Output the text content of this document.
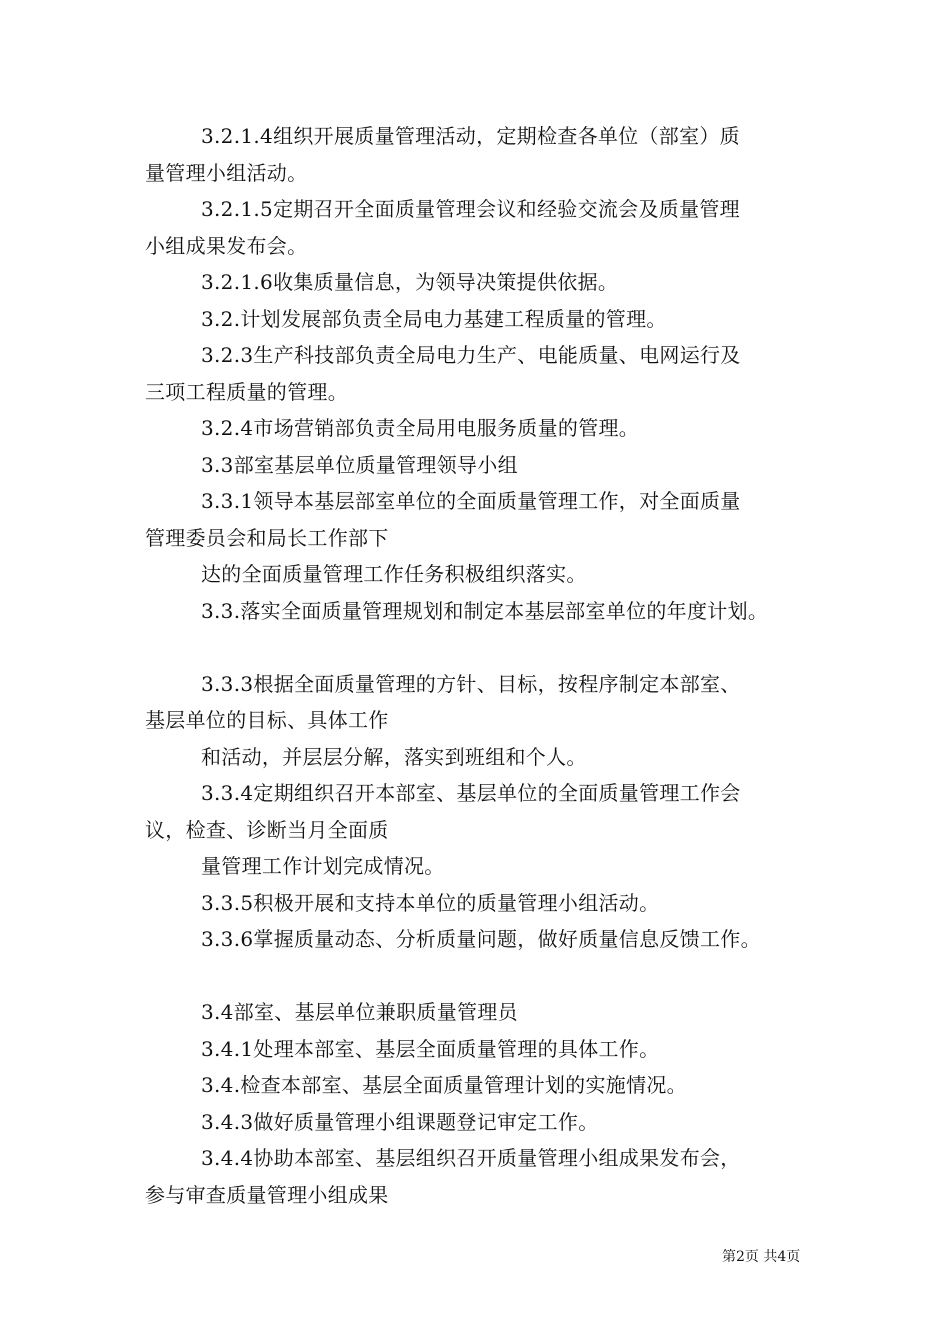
3.2.1.4组织开展质量管理活动，定期检查各单位（部室）质
量管理小组活动。
3.2.1.5定期召开全面质量管理会议和经验交流会及质量管理
小组成果发布会。
3.2.1.6收集质量信息，为领导决策提供依据。
3.2.计划发展部负责全局电力基建工程质量的管理。
3.2.3生产科技部负责全局电力生产、电能质量、电网运行及
三项工程质量的管理。
3.2.4市场营销部负责全局用电服务质量的管理。
3.3部室基层单位质量管理领导小组
3.3.1领导本基层部室单位的全面质量管理工作，对全面质量
管理委员会和局长工作部下
达的全面质量管理工作任务积极组织落实。
3.3.落实全面质量管理规划和制定本基层部室单位的年度计划。
3.3.3根据全面质量管理的方针、目标，按程序制定本部室、
基层单位的目标、具体工作
和活动，并层层分解，落实到班组和个人。
3.3.4定期组织召开本部室、基层单位的全面质量管理工作会
议，检查、诊断当月全面质
量管理工作计划完成情况。
3.3.5积极开展和支持本单位的质量管理小组活动。
3.3.6掌握质量动态、分析质量问题，做好质量信息反馈工作。
3.4部室、基层单位兼职质量管理员
3.4.1处理本部室、基层全面质量管理的具体工作。
3.4.检查本部室、基层全面质量管理计划的实施情况。
3.4.3做好质量管理小组课题登记审定工作。
3.4.4协助本部室、基层组织召开质量管理小组成果发布会，
参与审查质量管理小组成果
第2页 共4页
